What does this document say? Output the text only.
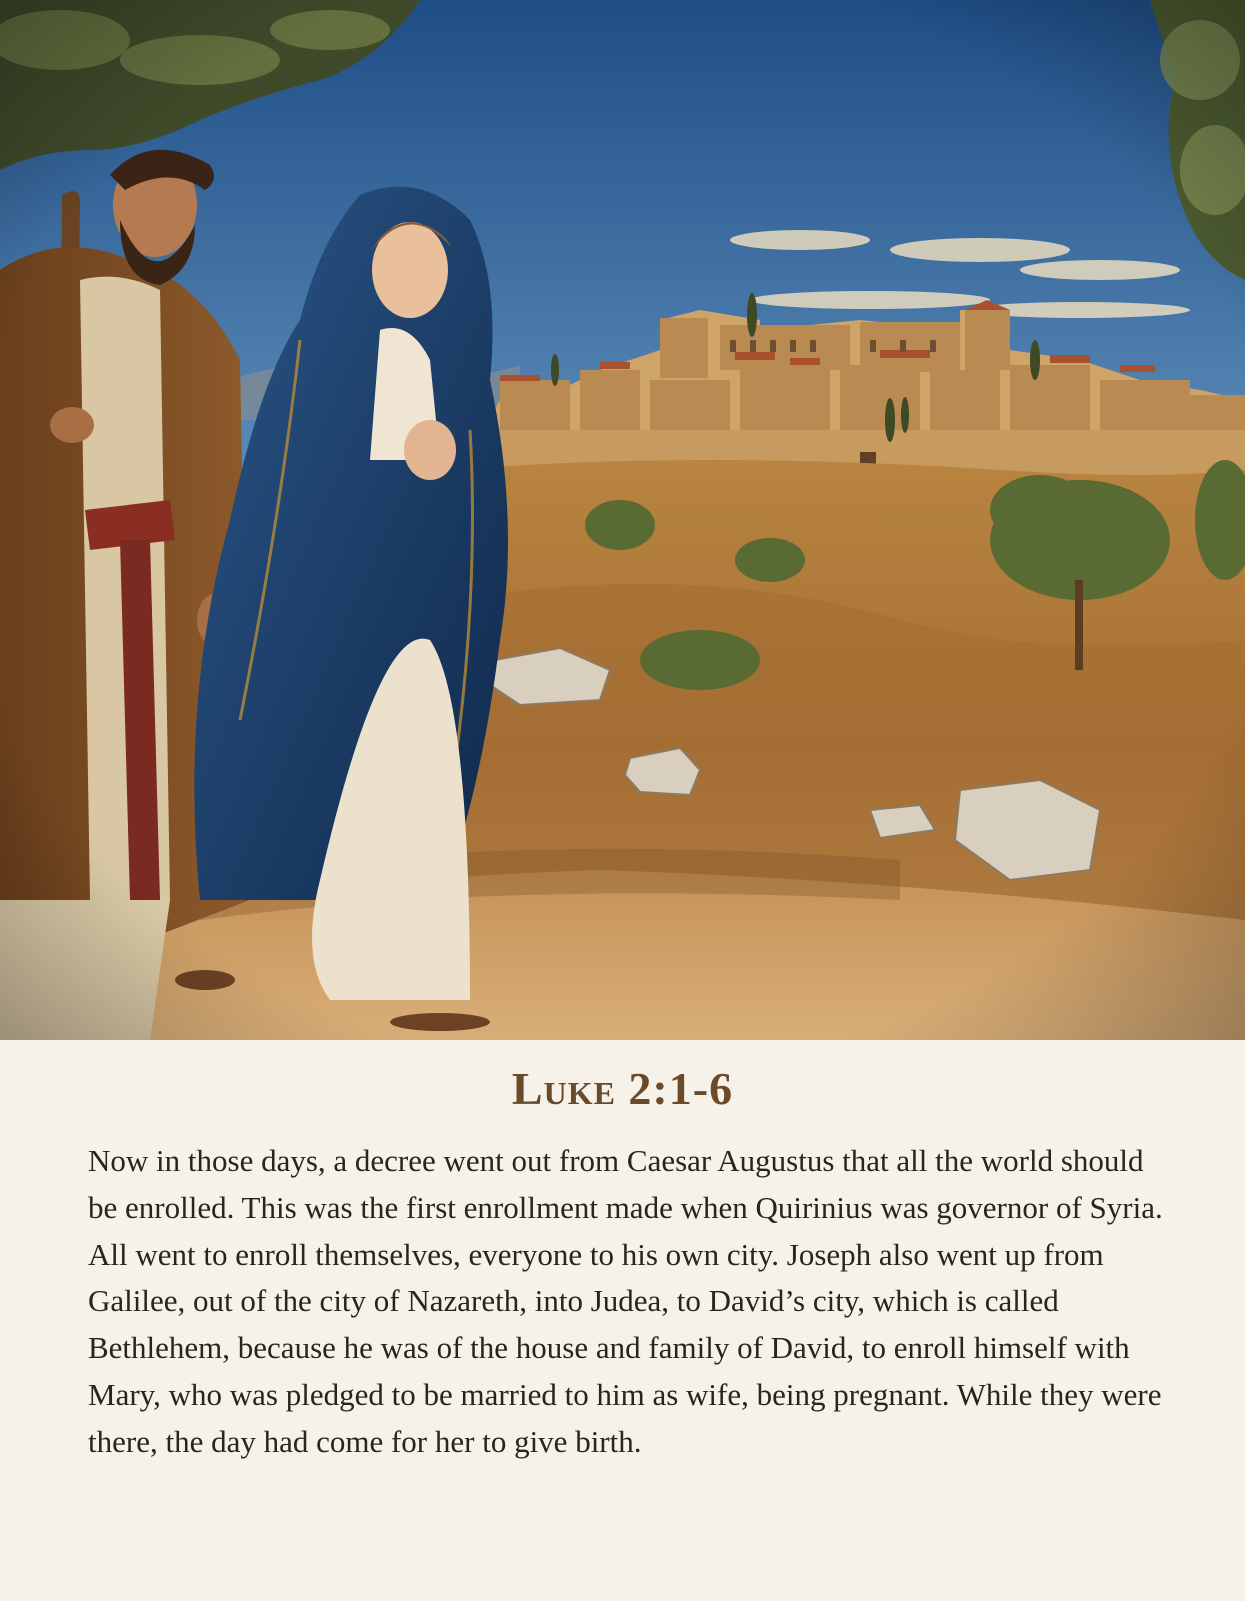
Luke 2:1-6

Now in those days, a decree went out from Caesar Augustus that all the world should be enrolled. This was the first enrollment made when Quirinius was governor of Syria. All went to enroll themselves, everyone to his own city. Joseph also went up from Galilee, out of the city of Nazareth, into Judea, to David’s city, which is called Bethlehem, because he was of the house and family of David, to enroll himself with Mary, who was pledged to be married to him as wife, being pregnant. While they were there, the day had come for her to give birth.
